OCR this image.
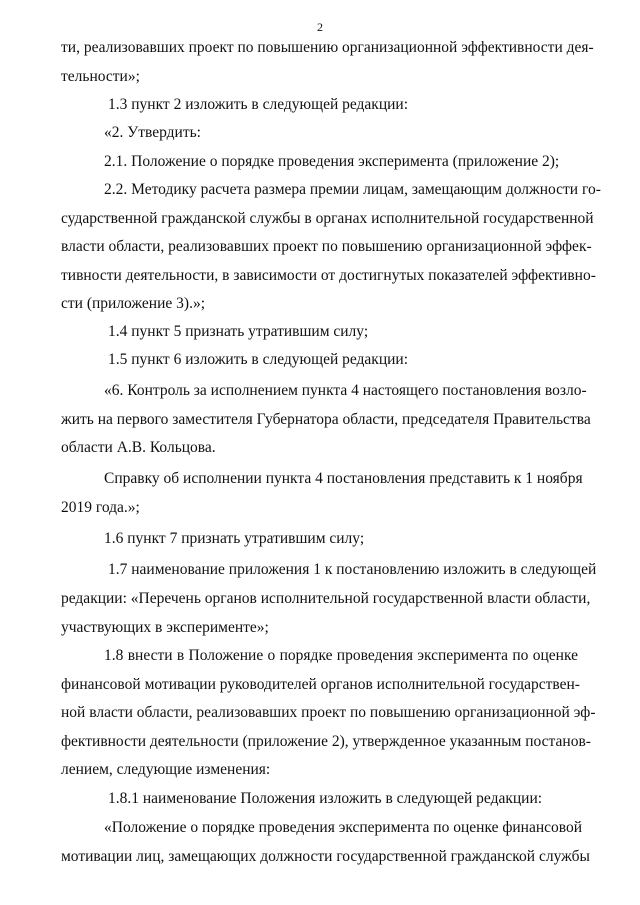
2
ти, реализовавших проект по повышению организационной эффективности дея-
тельности»;
1.3 пункт 2 изложить в следующей редакции:
«2. Утвердить:
2.1. Положение о порядке проведения эксперимента (приложение 2);
2.2. Методику расчета размера премии лицам, замещающим должности го-
сударственной гражданской службы в органах исполнительной государственной
власти области, реализовавших проект по повышению организационной эффек-
тивности деятельности, в зависимости от достигнутых показателей эффективно-
сти (приложение 3).»;
1.4 пункт 5 признать утратившим силу;
1.5 пункт 6 изложить в следующей редакции:
«6. Контроль за исполнением пункта 4 настоящего постановления возло-
жить на первого заместителя Губернатора области, председателя Правительства
области А.В. Кольцова.
Справку об исполнении пункта 4 постановления представить к 1 ноября
2019 года.»;
1.6 пункт 7 признать утратившим силу;
1.7 наименование приложения 1 к постановлению изложить в следующей
редакции: «Перечень органов исполнительной государственной власти области,
участвующих в эксперименте»;
1.8 внести в Положение о порядке проведения эксперимента по оценке
финансовой мотивации руководителей органов исполнительной государствен-
ной власти области, реализовавших проект по повышению организационной эф-
фективности деятельности (приложение 2), утвержденное указанным постанов-
лением, следующие изменения:
1.8.1 наименование Положения изложить в следующей редакции:
«Положение о порядке проведения эксперимента по оценке финансовой
мотивации лиц, замещающих должности государственной гражданской службы
